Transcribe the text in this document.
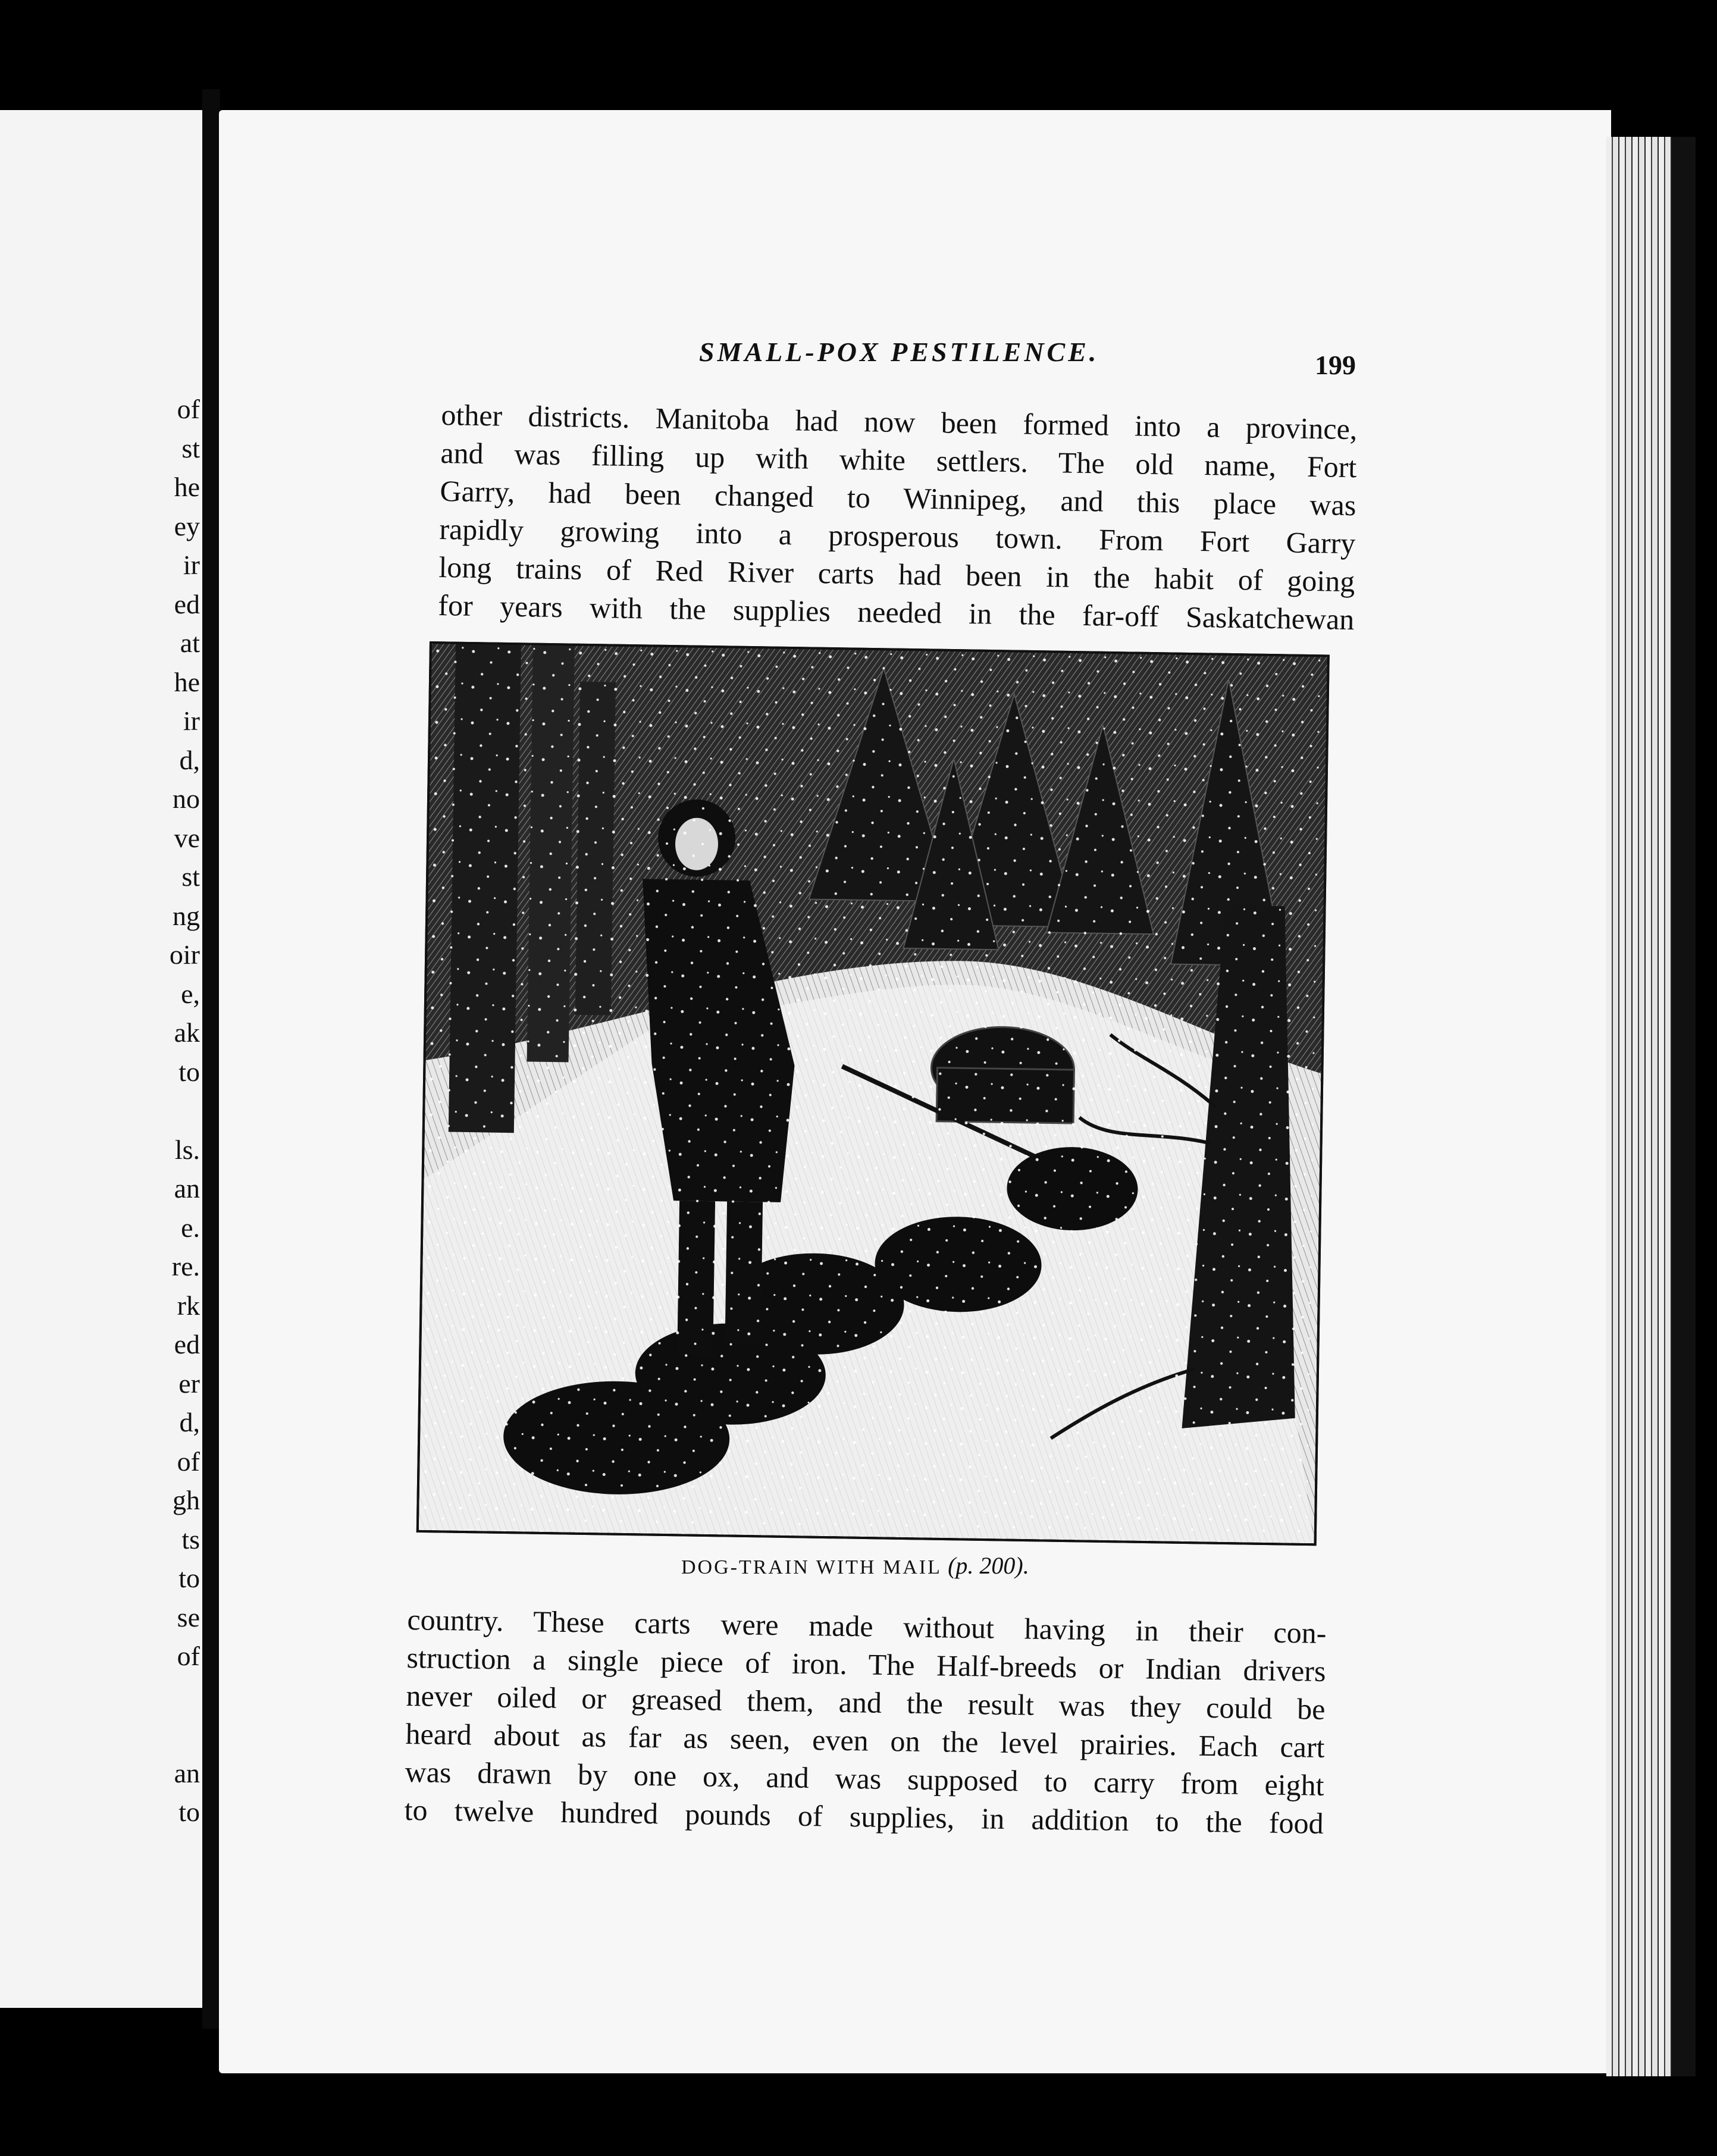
of
st
he
ey
ir
ed
at
he
ir
d,
no
ve
st
ng
oir
e,
ak
to

ls.
an
e.
re.
rk
ed
er
d,
of
gh
ts
to
se
of

an
to
SMALL-POX PESTILENCE.	199
other districts. Manitoba had now been formed into a province,
and was filling up with white settlers. The old name, Fort
Garry, had been changed to Winnipeg, and this place was
rapidly growing into a prosperous town. From Fort Garry
long trains of Red River carts had been in the habit of going
for years with the supplies needed in the far-off Saskatchewan
DOG-TRAIN WITH MAIL (p. 200).
country. These carts were made without having in their con-
struction a single piece of iron. The Half-breeds or Indian drivers
never oiled or greased them, and the result was they could be
heard about as far as seen, even on the level prairies. Each cart
was drawn by one ox, and was supposed to carry from eight
to twelve hundred pounds of supplies, in addition to the food
